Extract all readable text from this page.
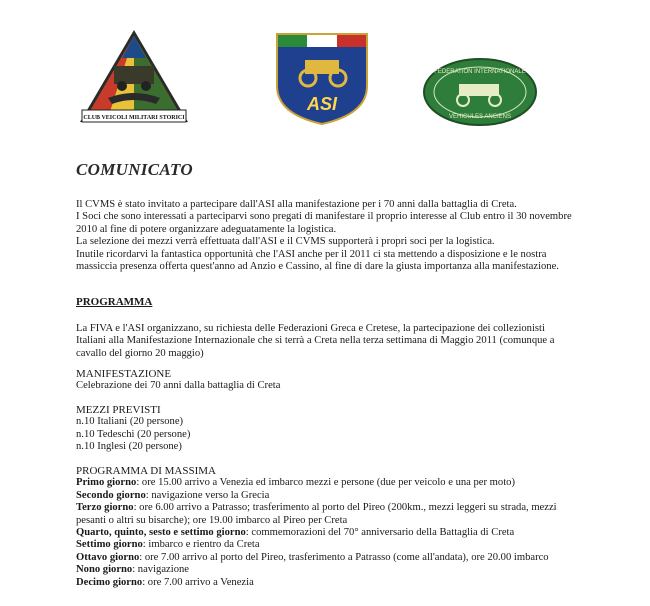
CLUB VEICOLI MILITARI STORICI
ASI
FEDERATION INTERNATIONALE
VEHICULES ANCIENS
COMUNICATO

Il CVMS è stato invitato a partecipare dall'ASI alla manifestazione per i 70 anni dalla battaglia di Creta.

I Soci che sono interessati a parteciparvi sono pregati di manifestare il proprio interesse al Club entro il 30 novembre 2010 al fine di potere organizzare adeguatamente la logistica.

La selezione dei mezzi verrà effettuata dall'ASI e il CVMS supporterà i propri soci per la logistica.

Inutile ricordarvi la fantastica opportunità che l'ASI anche per il 2011 ci sta mettendo a disposizione e le nostra massiccia presenza offerta quest'anno ad Anzio e Cassino, al fine di dare la giusta importanza alla manifestazione.

PROGRAMMA

La FIVA e l'ASI organizzano, su richiesta delle Federazioni Greca e Cretese, la partecipazione dei collezionisti Italiani alla Manifestazione Internazionale che si terrà a Creta nella terza settimana di Maggio 2011 (comunque a cavallo del giorno 20 maggio)

MANIFESTAZIONE
Celebrazione dei 70 anni dalla battaglia di Creta
MEZZI PREVISTI
n.10 Italiani (20 persone)
n.10 Tedeschi (20 persone)
n.10 Inglesi (20 persone)
PROGRAMMA DI MASSIMA
Primo giorno: ore 15.00 arrivo a Venezia ed imbarco mezzi e persone (due per veicolo e una per moto)
Secondo giorno: navigazione verso la Grecia
Terzo giorno: ore 6.00 arrivo a Patrasso; trasferimento al porto del Pireo (200km., mezzi leggeri su strada, mezzi pesanti o altri su bisarche); ore 19.00 imbarco al Pireo per Creta
Quarto, quinto, sesto e settimo giorno: commemorazioni del 70° anniversario della Battaglia di Creta
Settimo giorno: imbarco e rientro da Creta
Ottavo giorno: ore 7.00 arrivo al porto del Pireo, trasferimento a Patrasso (come all'andata), ore 20.00 imbarco
Nono giorno: navigazione
Decimo giorno: ore 7.00 arrivo a Venezia
